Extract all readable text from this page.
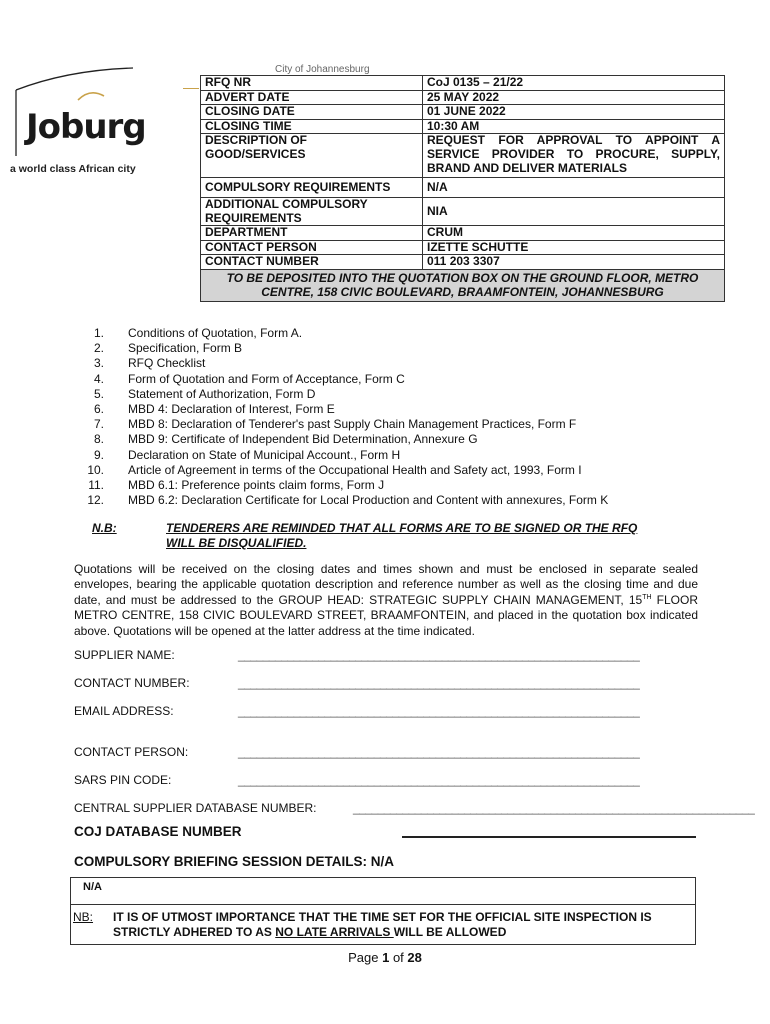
Joburg
a world class African city
City of Johannesburg
RFQ NR	CoJ 0135 – 21/22
ADVERT DATE	25 MAY 2022
CLOSING DATE	01 JUNE 2022
CLOSING TIME	10:30 AM

DESCRIPTION OF GOOD/SERVICES	REQUEST FOR APPROVAL TO APPOINT A
SERVICE PROVIDER TO PROCURE, SUPPLY,
BRAND AND DELIVER MATERIALS

COMPULSORY REQUIREMENTS	N/A

ADDITIONAL COMPULSORY REQUIREMENTS	NIA
DEPARTMENT	CRUM
CONTACT PERSON	IZETTE SCHUTTE
CONTACT NUMBER	011 203 3307
TO BE DEPOSITED INTO THE QUOTATION BOX ON THE GROUND FLOOR, METRO CENTRE, 158 CIVIC BOULEVARD, BRAAMFONTEIN, JOHANNESBURG	
1. Conditions of Quotation, Form A.
2. Specification, Form B
3. RFQ Checklist
4. Form of Quotation and Form of Acceptance, Form C
5. Statement of Authorization, Form D
6. MBD 4: Declaration of Interest, Form E
7. MBD 8: Declaration of Tenderer's past Supply Chain Management Practices, Form F
8. MBD 9: Certificate of Independent Bid Determination, Annexure G
9. Declaration on State of Municipal Account., Form H
10. Article of Agreement in terms of the Occupational Health and Safety act, 1993, Form I
11. MBD 6.1: Preference points claim forms, Form J
12. MBD 6.2: Declaration Certificate for Local Production and Content with annexures, Form K
N.B:	TENDERERS ARE REMINDED THAT ALL FORMS ARE TO BE SIGNED OR THE RFQ WILL BE DISQUALIFIED.

Quotations will be received on the closing dates and times shown and must be enclosed in separate sealed envelopes, bearing the applicable quotation description and reference number as well as the closing time and due date, and must be addressed to the GROUP HEAD: STRATEGIC SUPPLY CHAIN MANAGEMENT, 15TH FLOOR METRO CENTRE, 158 CIVIC BOULEVARD STREET, BRAAMFONTEIN, and placed in the quotation box indicated above. Quotations will be opened at the latter address at the time indicated.

SUPPLIER NAME:	_________________________________________________________________
CONTACT NUMBER:	_________________________________________________________________
EMAIL ADDRESS:	_________________________________________________________________
CONTACT PERSON:	_________________________________________________________________
SARS PIN CODE:	_________________________________________________________________
CENTRAL SUPPLIER DATABASE NUMBER:	_________________________________________________________________
COJ DATABASE NUMBER
COMPULSORY BRIEFING SESSION DETAILS: N/A
N/A
NB: IT IS OF UTMOST IMPORTANCE THAT THE TIME SET FOR THE OFFICIAL SITE INSPECTION IS STRICTLY ADHERED TO AS NO LATE ARRIVALS WILL BE ALLOWED
Page 1 of 28
